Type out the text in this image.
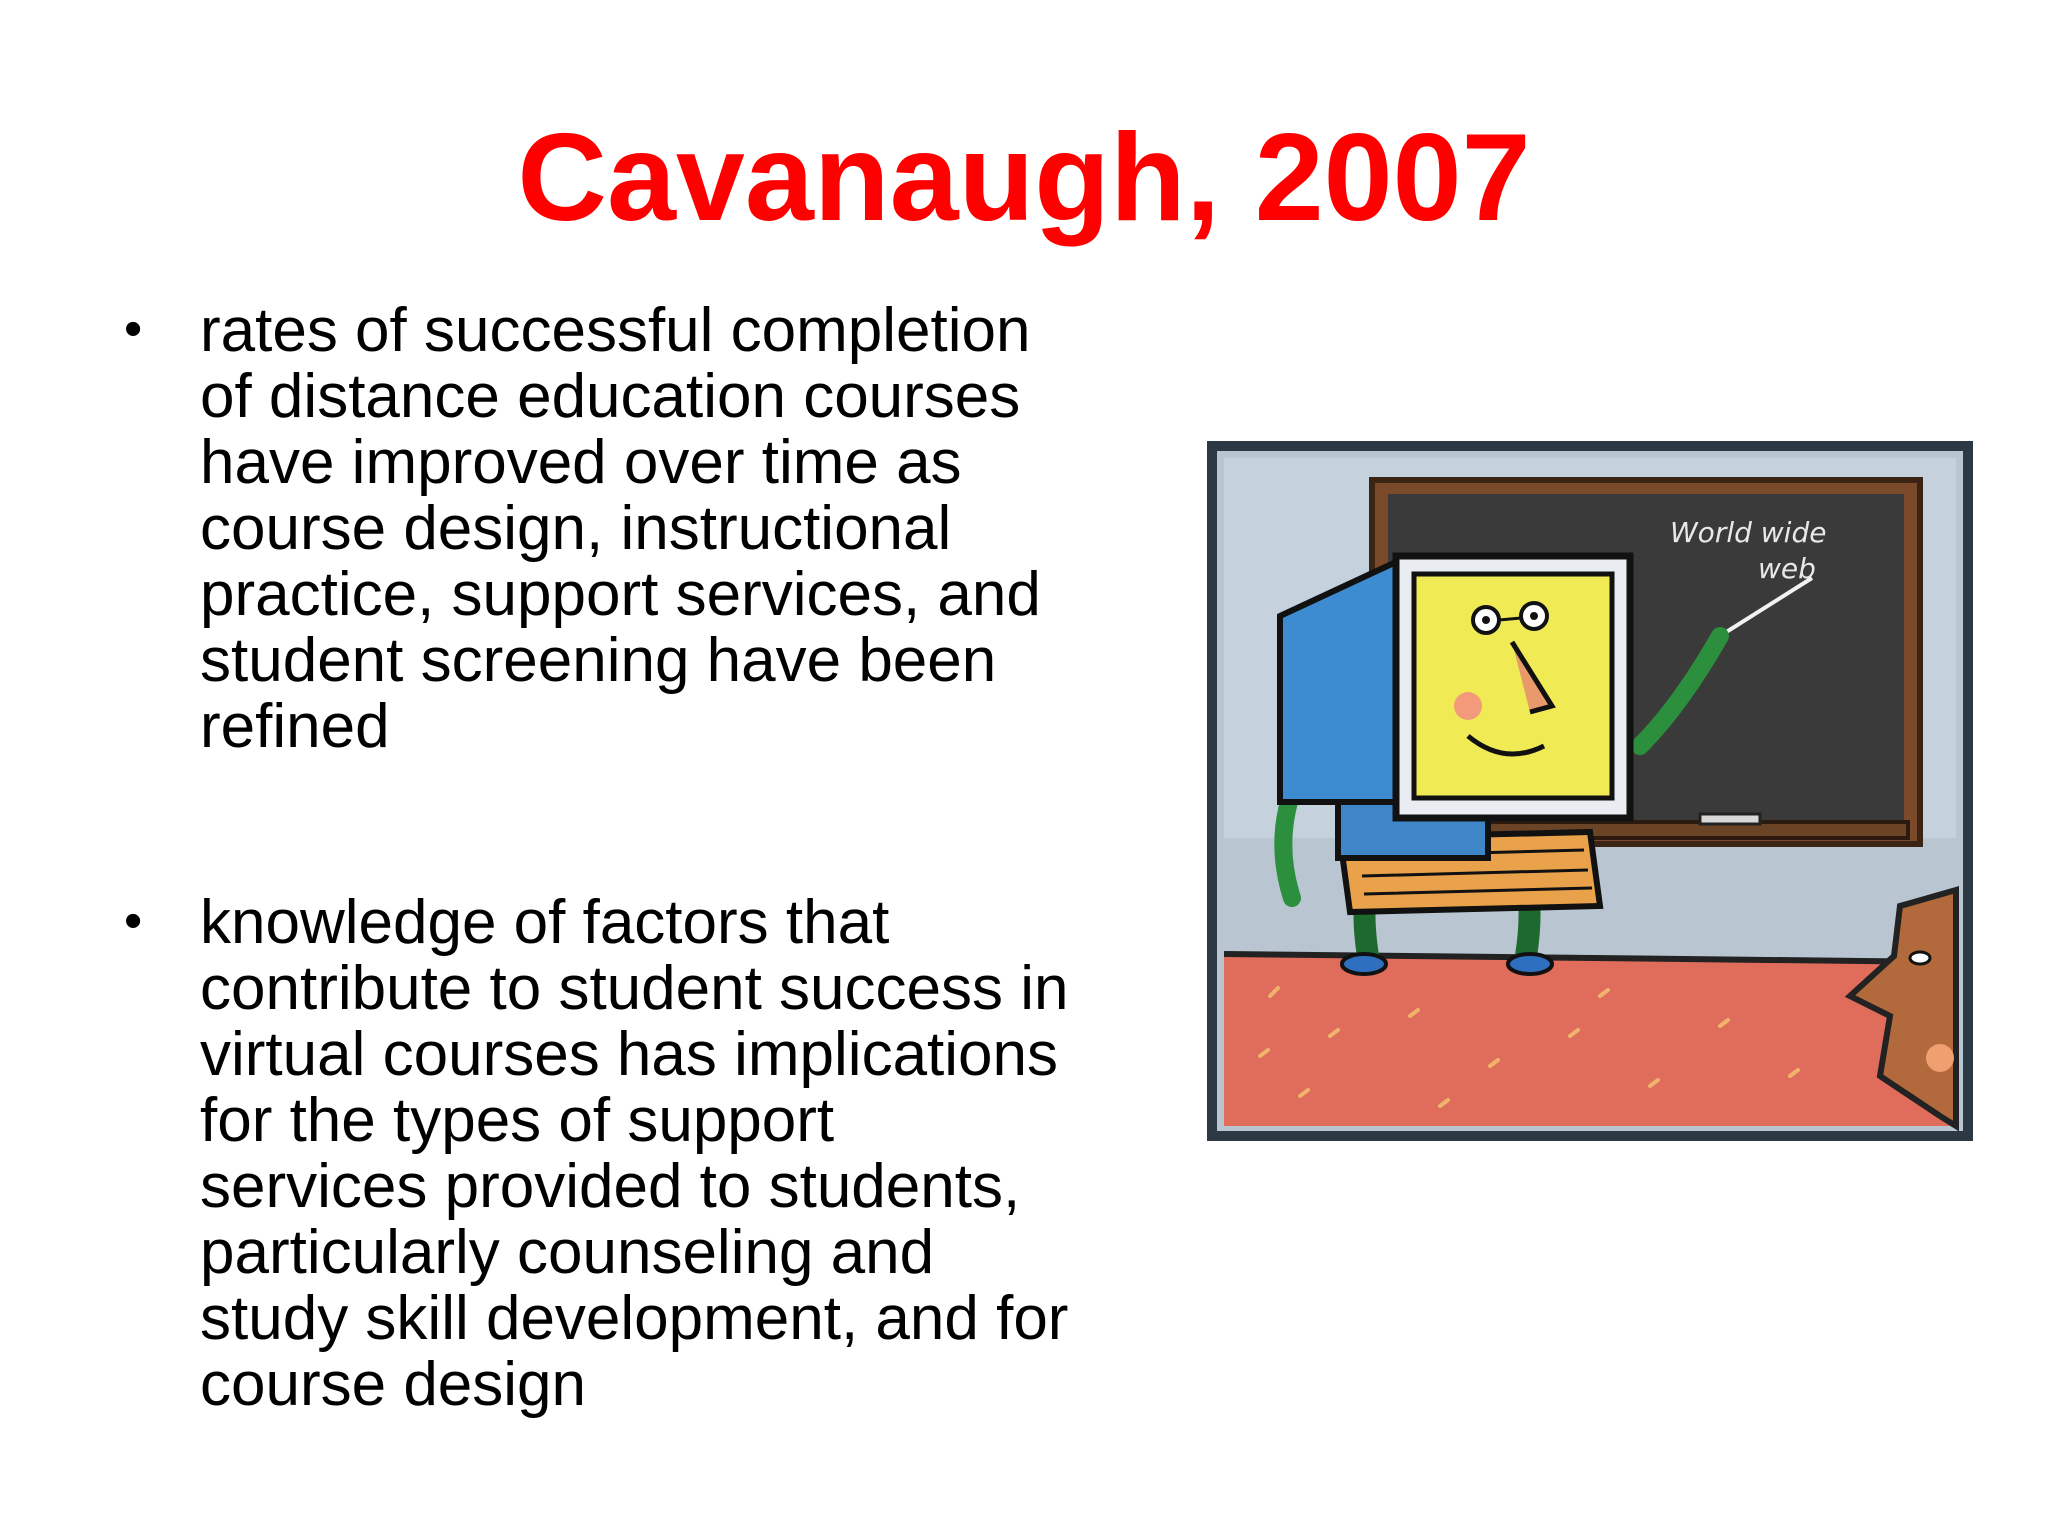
Cavanaugh, 2007
• rates of successful completion
of distance education courses
have improved over time as
course design, instructional
practice, support services, and
student screening have been
refined
• knowledge of factors that
contribute to student success in
virtual courses has implications
for the types of support
services provided to students,
particularly counseling and
study skill development, and for
course design
World wide
web
